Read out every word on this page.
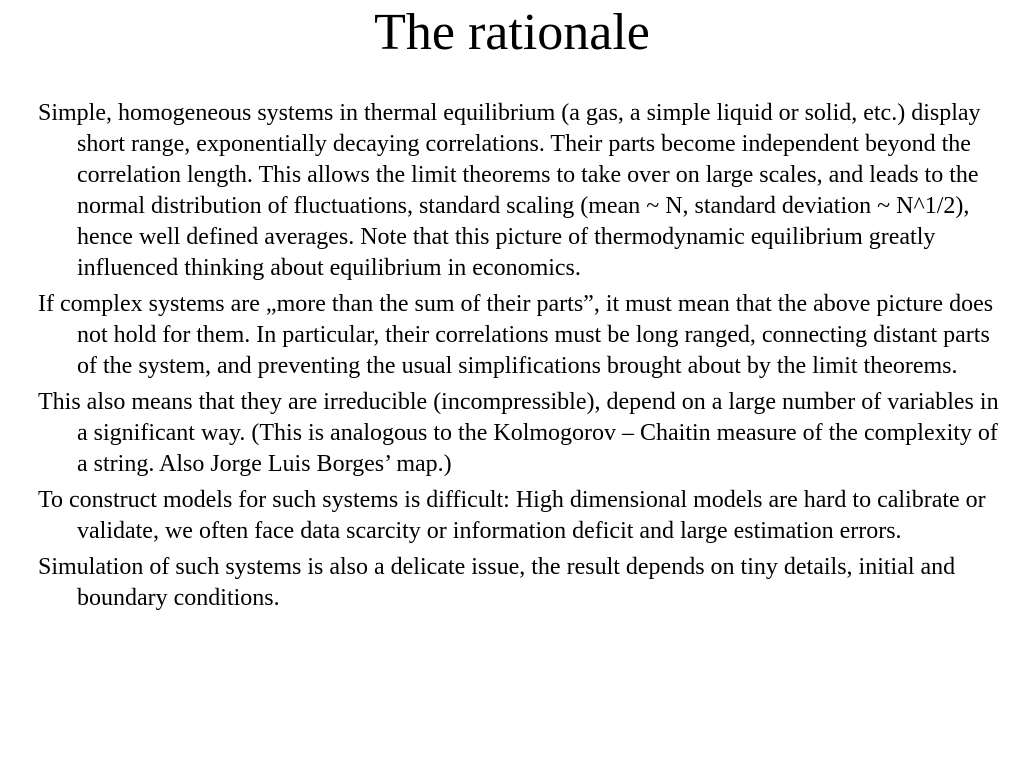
The rationale

Simple, homogeneous systems in thermal equilibrium (a gas, a simple liquid or solid, etc.) display short range, exponentially decaying correlations. Their parts become independent beyond the correlation length. This allows the limit theorems to take over on large scales, and leads to the normal distribution of fluctuations, standard scaling (mean ~ N, standard deviation ~ N^1/2), hence well defined averages. Note that this picture of thermodynamic equilibrium greatly influenced thinking about equilibrium in economics.

If complex systems are „more than the sum of their parts”, it must mean that the above picture does not hold for them. In particular, their correlations must be long ranged, connecting distant parts of the system, and preventing the usual simplifications brought about by the limit theorems.

This also means that they are irreducible (incompressible), depend on a large number of variables in a significant way. (This is analogous to the Kolmogorov – Chaitin measure of the complexity of a string. Also Jorge Luis Borges’ map.)

To construct models for such systems is difficult: High dimensional models are hard to calibrate or validate, we often face data scarcity or information deficit and large estimation errors.

Simulation of such systems is also a delicate issue, the result depends on tiny details, initial and boundary conditions.
